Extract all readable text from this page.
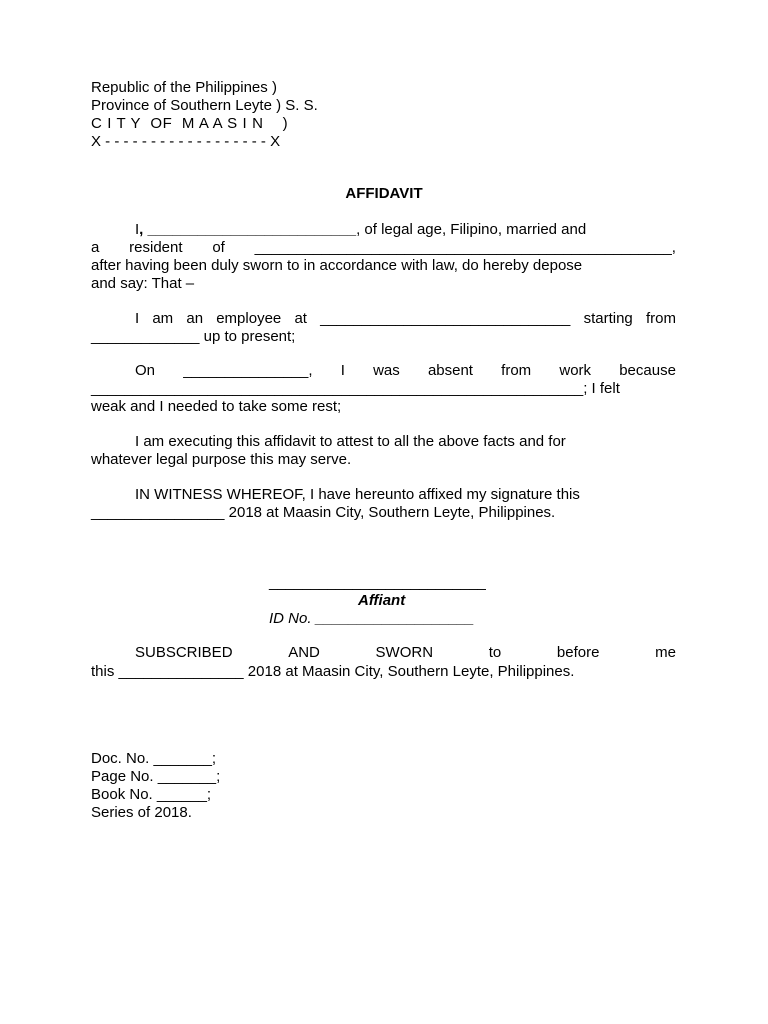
Republic of the Philippines )
Province of Southern Leyte ) S. S.
C I T Y  OF  M A A S I N    )
X - - - - - - - - - - - - - - - - - - X
AFFIDAVIT
I, _________________________, of legal age, Filipino, married and
a resident of __________________________________________________,
after having been duly sworn to in accordance with law, do hereby depose
and say: That –
I am an employee at ______________________________ starting from
_____________ up to present;
On _______________, I was absent from work because
___________________________________________________________; I felt
weak and I needed to take some rest;
I am executing this affidavit to attest to all the above facts and for
whatever legal purpose this may serve.
IN WITNESS WHEREOF, I have hereunto affixed my signature this
________________ 2018 at Maasin City, Southern Leyte, Philippines.
__________________________
Affiant
ID No. ___________________
SUBSCRIBED	AND	SWORN	to	before	me
this _______________ 2018 at Maasin City, Southern Leyte, Philippines.
Doc. No. _______;
Page No. _______;
Book No. ______;
Series of 2018.
